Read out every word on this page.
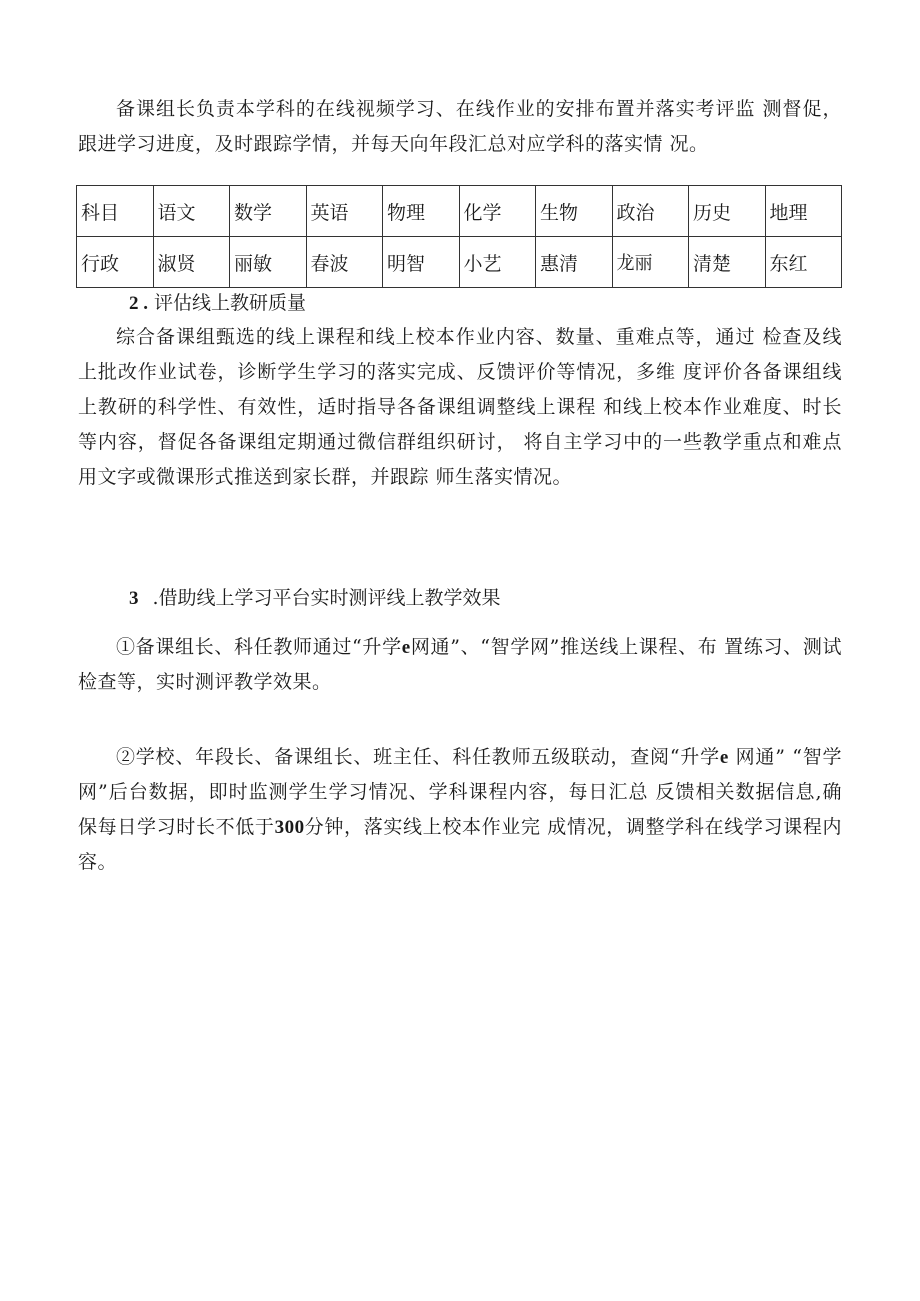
备课组长负责本学科的在线视频学习、在线作业的安排布置并落实考评监 测督促，跟进学习进度，及时跟踪学情，并每天向年段汇总对应学科的落实情 况。

科目	语文	数学	英语	物理	化学	生物	政治	历史	地理
行政	淑贤	丽敏	春波	明智	小艺	惠清	龙丽	清楚	东红

2 . 评估线上教研质量

综合备课组甄选的线上课程和线上校本作业内容、数量、重难点等，通过 检查及线上批改作业试卷，诊断学生学习的落实完成、反馈评价等情况，多维 度评价各备课组线上教研的科学性、有效性，适时指导各备课组调整线上课程 和线上校本作业难度、时长等内容，督促各备课组定期通过微信群组织研讨， 将自主学习中的一些教学重点和难点用文字或微课形式推送到家长群，并跟踪 师生落实情况。

3 .借助线上学习平台实时测评线上教学效果

①备课组长、科任教师通过“升学e网通”、“智学网”推送线上课程、布 置练习、测试检查等，实时测评教学效果。

②学校、年段长、备课组长、班主任、科任教师五级联动，查阅“升学e 网通” “智学网”后台数据，即时监测学生学习情况、学科课程内容，每日汇总 反馈相关数据信息,确保每日学习时长不低于300分钟，落实线上校本作业完 成情况，调整学科在线学习课程内容。
